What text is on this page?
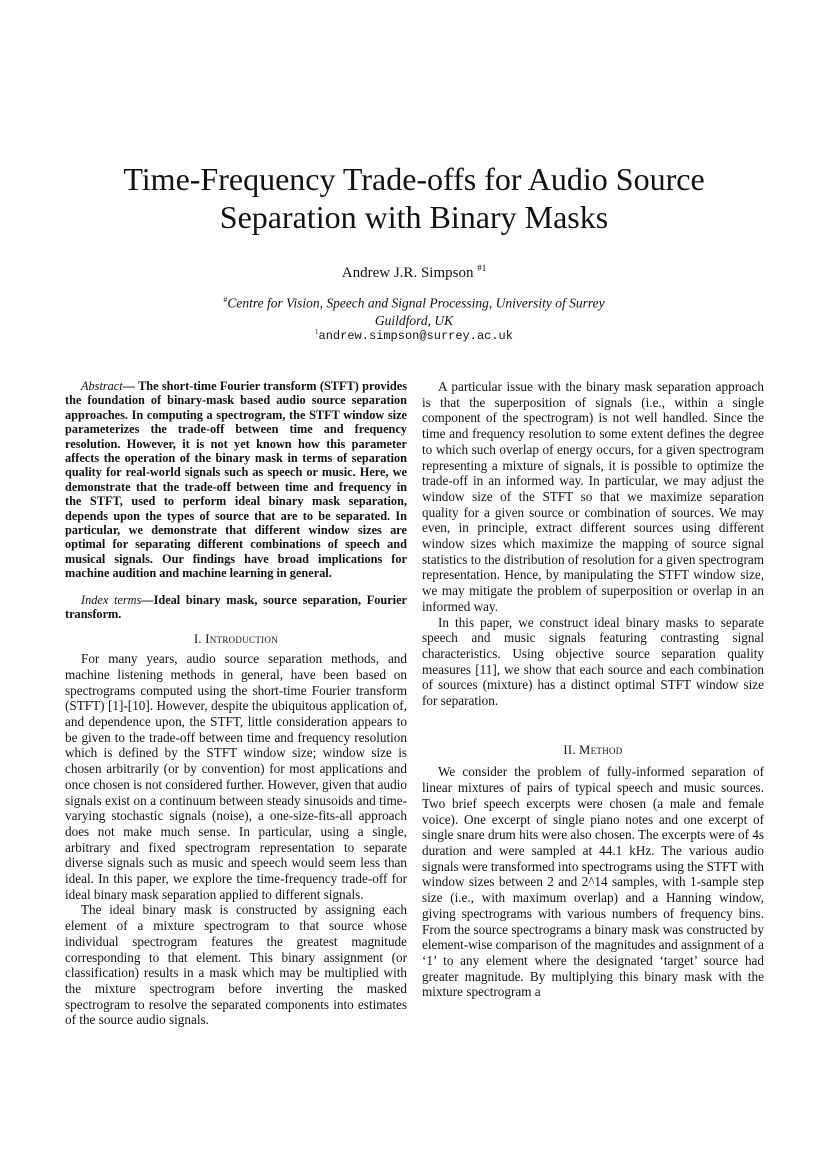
Time-Frequency Trade-offs for Audio Source
Separation with Binary Masks
Andrew J.R. Simpson $^{\#1}$
#Centre for Vision, Speech and Signal Processing, University of Surrey
Guildford, UK
$^1$andrew.simpson@surrey.ac.uk

Abstract— The short-time Fourier transform (STFT) provides the foundation of binary-mask based audio source separation approaches. In computing a spectrogram, the STFT window size parameterizes the trade-off between time and frequency resolution. However, it is not yet known how this parameter affects the operation of the binary mask in terms of separation quality for real-world signals such as speech or music. Here, we demonstrate that the trade-off between time and frequency in the STFT, used to perform ideal binary mask separation, depends upon the types of source that are to be separated. In particular, we demonstrate that different window sizes are optimal for separating different combinations of speech and musical signals. Our findings have broad implications for machine audition and machine learning in general.

Index terms—Ideal binary mask, source separation, Fourier transform.

I. Introduction

For many years, audio source separation methods, and machine listening methods in general, have been based on spectrograms computed using the short-time Fourier transform (STFT) [1]-[10]. However, despite the ubiquitous application of, and dependence upon, the STFT, little consideration appears to be given to the trade-off between time and frequency resolution which is defined by the STFT window size; window size is chosen arbitrarily (or by convention) for most applications and once chosen is not considered further. However, given that audio signals exist on a continuum between steady sinusoids and time-varying stochastic signals (noise), a one-size-fits-all approach does not make much sense. In particular, using a single, arbitrary and fixed spectrogram representation to separate diverse signals such as music and speech would seem less than ideal. In this paper, we explore the time-frequency trade-off for ideal binary mask separation applied to different signals.

The ideal binary mask is constructed by assigning each element of a mixture spectrogram to that source whose individual spectrogram features the greatest magnitude corresponding to that element. This binary assignment (or classification) results in a mask which may be multiplied with the mixture spectrogram before inverting the masked spectrogram to resolve the separated components into estimates of the source audio signals.

A particular issue with the binary mask separation approach is that the superposition of signals (i.e., within a single component of the spectrogram) is not well handled. Since the time and frequency resolution to some extent defines the degree to which such overlap of energy occurs, for a given spectrogram representing a mixture of signals, it is possible to optimize the trade-off in an informed way. In particular, we may adjust the window size of the STFT so that we maximize separation quality for a given source or combination of sources. We may even, in principle, extract different sources using different window sizes which maximize the mapping of source signal statistics to the distribution of resolution for a given spectrogram representation. Hence, by manipulating the STFT window size, we may mitigate the problem of superposition or overlap in an informed way.

In this paper, we construct ideal binary masks to separate speech and music signals featuring contrasting signal characteristics. Using objective source separation quality measures [11], we show that each source and each combination of sources (mixture) has a distinct optimal STFT window size for separation.

II. Method

We consider the problem of fully-informed separation of linear mixtures of pairs of typical speech and music sources. Two brief speech excerpts were chosen (a male and female voice). One excerpt of single piano notes and one excerpt of single snare drum hits were also chosen. The excerpts were of 4s duration and were sampled at 44.1 kHz. The various audio signals were transformed into spectrograms using the STFT with window sizes between 2 and 2^14 samples, with 1-sample step size (i.e., with maximum overlap) and a Hanning window, giving spectrograms with various numbers of frequency bins. From the source spectrograms a binary mask was constructed by element-wise comparison of the magnitudes and assignment of a ‘1’ to any element where the designated ‘target’ source had greater magnitude. By multiplying this binary mask with the mixture spectrogram a
